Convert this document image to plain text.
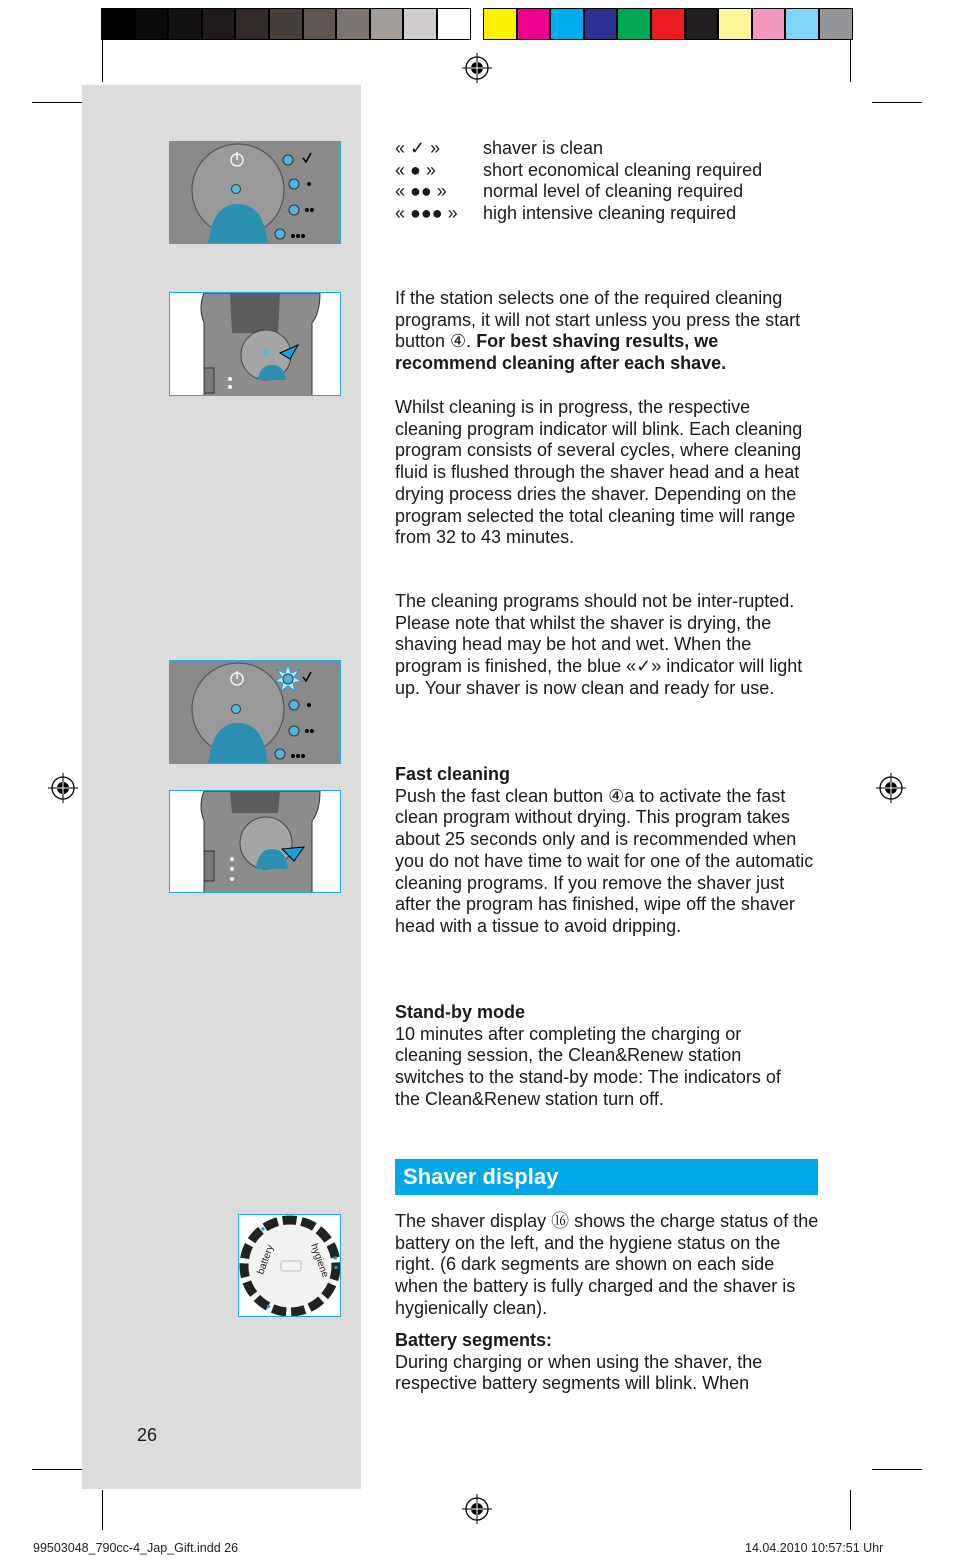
battery	hygiene
« ✓ » shaver is clean
« ● »	short economical cleaning required
« ●● » normal level of cleaning required
« ●●● » high intensive cleaning required

If the station selects one of the required cleaning programs, it will not start unless you press the start button ④. For best shaving results, we recommend cleaning after each shave.

Whilst cleaning is in progress, the respective cleaning program indicator will blink. Each cleaning program consists of several cycles, where cleaning fluid is flushed through the shaver head and a heat drying process dries the shaver. Depending on the program selected the total cleaning time will range from 32 to 43 minutes.

The cleaning programs should not be inter-rupted. Please note that whilst the shaver is drying, the shaving head may be hot and wet. When the program is finished, the blue «✓» indicator will light up. Your shaver is now clean and ready for use.

Fast cleaning

Push the fast clean button ④a to activate the fast clean program without drying. This program takes about 25 seconds only and is recommended when you do not have time to wait for one of the automatic cleaning programs. If you remove the shaver just after the program has finished, wipe off the shaver head with a tissue to avoid dripping.

Stand-by mode

10 minutes after completing the charging or cleaning session, the Clean&Renew station switches to the stand-by mode: The indicators of the Clean&Renew station turn off.

Shaver display

The shaver display ⑯ shows the charge status of the battery on the left, and the hygiene status on the right. (6 dark segments are shown on each side when the battery is fully charged and the shaver is hygienically clean).

Battery segments:

During charging or when using the shaver, the respective battery segments will blink. When

26
99503048_790cc-4_Jap_Gift.indd 26	14.04.2010 10:57:51 Uhr
